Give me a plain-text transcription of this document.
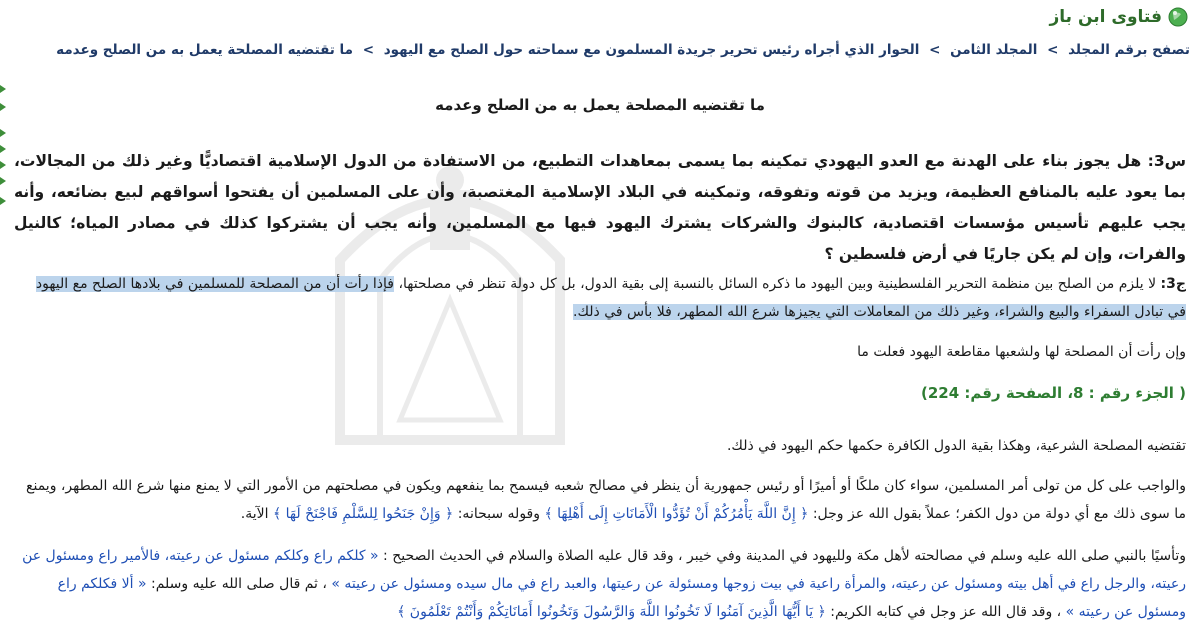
فتاوى ابن باز
تصفح برقم المجلد > المجلد الثامن > الحوار الذي أجراه رئيس تحرير جريدة المسلمون مع سماحته حول الصلح مع اليهود > ما تقتضيه المصلحة يعمل به من الصلح وعدمه
ما تقتضيه المصلحة يعمل به من الصلح وعدمه
س3: هل يجوز بناء على الهدنة مع العدو اليهودي تمكينه بما يسمى بمعاهدات التطبيع، من الاستفادة من الدول الإسلامية اقتصاديًّا وغير ذلك من المجالات، بما يعود عليه بالمنافع العظيمة، ويزيد من قوته وتفوقه، وتمكينه في البلاد الإسلامية المغتصبة، وأن على المسلمين أن يفتحوا أسواقهم لبيع بضائعه، وأنه يجب عليهم تأسيس مؤسسات اقتصادية، كالبنوك والشركات يشترك اليهود فيها مع المسلمين، وأنه يجب أن يشتركوا كذلك في مصادر المياه؛ كالنيل والفرات، وإن لم يكن جاريًا في أرض فلسطين ؟
ج3: لا يلزم من الصلح بين منظمة التحرير الفلسطينية وبين اليهود ما ذكره السائل بالنسبة إلى بقية الدول، بل كل دولة تنظر في مصلحتها، فإذا رأت أن من المصلحة للمسلمين في بلادها الصلح مع اليهود في تبادل السفراء والبيع والشراء، وغير ذلك من المعاملات التي يجيزها شرع الله المطهر، فلا بأس في ذلك.
وإن رأت أن المصلحة لها ولشعبها مقاطعة اليهود فعلت ما
( الجزء رقم : 8، الصفحة رقم: 224)
تقتضيه المصلحة الشرعية، وهكذا بقية الدول الكافرة حكمها حكم اليهود في ذلك.
والواجب على كل من تولى أمر المسلمين، سواء كان ملكًا أو أميرًا أو رئيس جمهورية أن ينظر في مصالح شعبه فيسمح بما ينفعهم ويكون في مصلحتهم من الأمور التي لا يمنع منها شرع الله المطهر، ويمنع ما سوى ذلك مع أي دولة من دول الكفر؛ عملاً بقول الله عز وجل: ﴿ إِنَّ اللَّهَ يَأْمُرُكُمْ أَنْ تُؤَدُّوا الْأَمَانَاتِ إِلَى أَهْلِهَا ﴾ وقوله سبحانه: ﴿ وَإِنْ جَنَحُوا لِلسَّلْمِ فَاجْنَحْ لَهَا ﴾ الآية.
وتأسيًا بالنبي صلى الله عليه وسلم في مصالحته لأهل مكة ولليهود في المدينة وفي خيبر ، وقد قال عليه الصلاة والسلام في الحديث الصحيح : « كلكم راع وكلكم مسئول عن رعيته، فالأمير راع ومسئول عن رعيته، والرجل راع في أهل بيته ومسئول عن رعيته، والمرأة راعية في بيت زوجها ومسئولة عن رعيتها، والعبد راع في مال سيده ومسئول عن رعيته » ، ثم قال صلى الله عليه وسلم: « ألا فكلكم راع ومسئول عن رعيته » ، وقد قال الله عز وجل في كتابه الكريم: ﴿ يَا أَيُّهَا الَّذِينَ آمَنُوا لَا تَخُونُوا اللَّهَ وَالرَّسُولَ وَتَخُونُوا أَمَانَاتِكُمْ وَأَنْتُمْ تَعْلَمُونَ ﴾
